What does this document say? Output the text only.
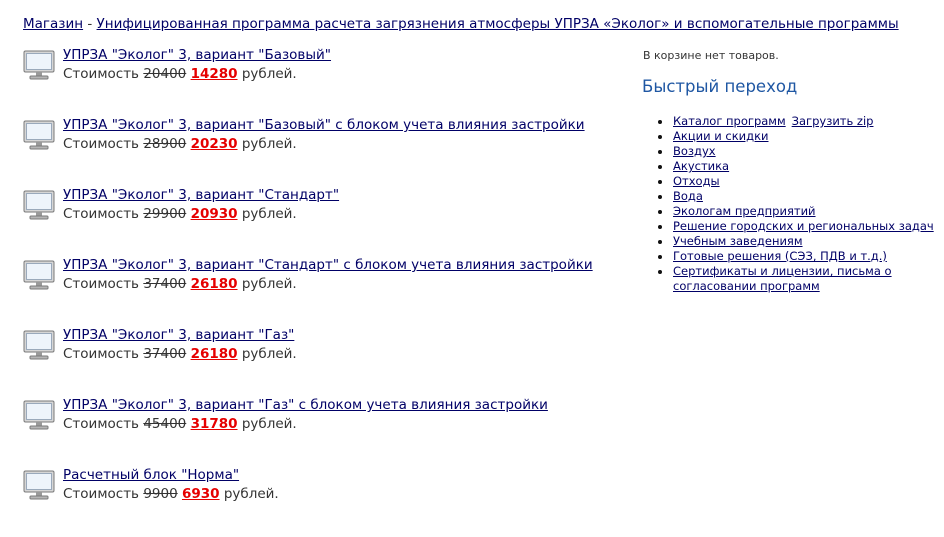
Магазин - Унифицированная программа расчета загрязнения атмосферы УПРЗА «Эколог» и вспомогательные программы
УПРЗА "Эколог" 3, вариант "Базовый"
Стоимость 20400 14280 рублей.
УПРЗА "Эколог" 3, вариант "Базовый" с блоком учета влияния застройки
Стоимость 28900 20230 рублей.
УПРЗА "Эколог" 3, вариант "Стандарт"
Стоимость 29900 20930 рублей.
УПРЗА "Эколог" 3, вариант "Стандарт" с блоком учета влияния застройки
Стоимость 37400 26180 рублей.
УПРЗА "Эколог" 3, вариант "Газ"
Стоимость 37400 26180 рублей.
УПРЗА "Эколог" 3, вариант "Газ" с блоком учета влияния застройки
Стоимость 45400 31780 рублей.
Расчетный блок "Норма"
Стоимость 9900 6930 рублей.
В корзине нет товаров.
Быстрый переход
Каталог программ Загрузить zip
Акции и скидки
Воздух
Акустика
Отходы
Вода
Экологам предприятий
Решение городских и региональных задач
Учебным заведениям
Готовые решения (СЭЗ, ПДВ и т.д.)
Сертификаты и лицензии, письма о согласовании программ
